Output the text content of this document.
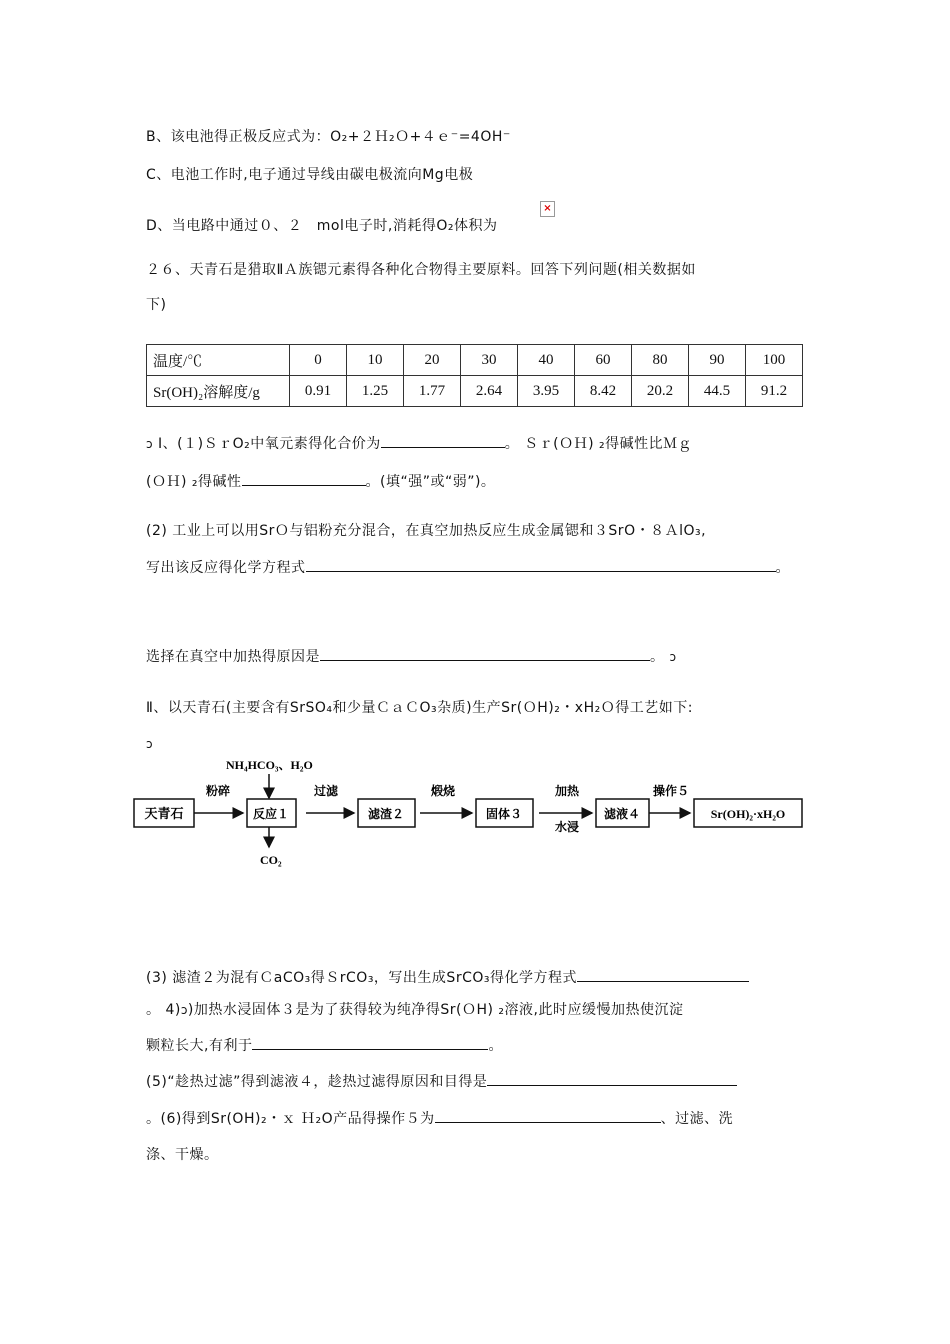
B、该电池得正极反应式为：O₂+２Ｈ₂Ｏ+４ｅ⁻=4OH⁻
C、电池工作时,电子通过导线由碳电极流向Mg电极
D、当电路中通过０、２　mol电子时,消耗得O₂体积为
×
２６、天青石是猎取ⅡＡ族锶元素得各种化合物得主要原料。回答下列问题(相关数据如
下)
温度/℃	0	10	20	30	40	60	80	90	100
Sr(OH)₂溶解度/g	0.91	1.25	1.77	2.64	3.95	8.42	20.2	44.5	91.2
ↄ Ⅰ、(１)ＳｒO₂中氧元素得化合价为	。 Ｓｒ(ＯＨ) ₂得碱性比Ｍｇ
(ＯＨ) ₂得碱性	。(填“强”或“弱”)。
(2) 工业上可以用SrＯ与铝粉充分混合，在真空加热反应生成金属锶和３SrO・８ＡlO₃,
写出该反应得化学方程式	。
选择在真空中加热得原因是	。 ↄ
Ⅱ、以天青石(主要含有SrSO₄和少量ＣａＣO₃杂质)生产Sr(ＯH)₂・xH₂Ｏ得工艺如下:
ↄ
NH₄HCO₃、H₂O
天青石
粉碎
反应１
CO₂
过滤
滤渣２
煅烧
固体３
加热
水浸
滤液４
操作５
Sr(OH)₂·xH₂O
(3) 滤渣２为混有ＣaCO₃得ＳrCO₃，写出生成SrCO₃得化学方程式
。 4)ↄ)加热水浸固体３是为了获得较为纯净得Sr(ＯH) ₂溶液,此时应缓慢加热使沉淀
颗粒长大,有利于	。
(5)“趁热过滤”得到滤液４，趁热过滤得原因和目得是
。(6)得到Sr(OH)₂・ｘ Ｈ₂O产品得操作５为	、过滤、洗
涤、干燥。
